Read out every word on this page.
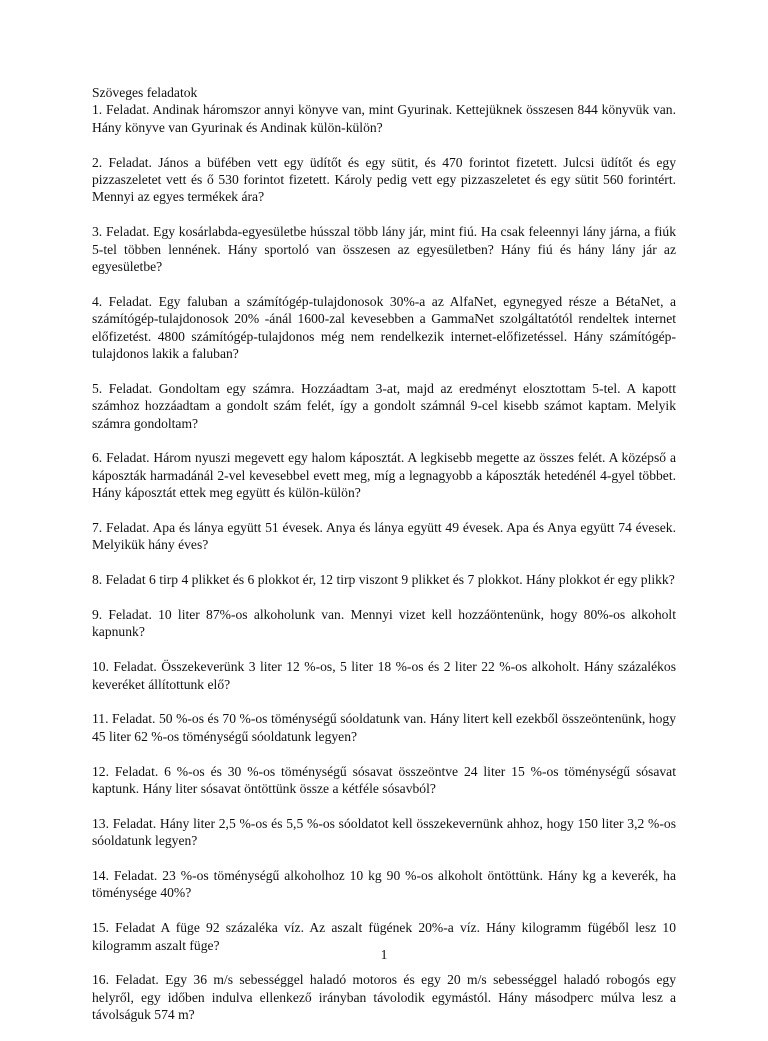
Szöveges feladatok

1. Feladat. Andinak háromszor annyi könyve van, mint Gyurinak. Kettejüknek összesen 844 könyvük van. Hány könyve van Gyurinak és Andinak külön-külön?

2. Feladat. János a büfében vett egy üdítőt és egy sütit, és 470 forintot fizetett. Julcsi üdítőt és egy pizzaszeletet vett és ő 530 forintot fizetett. Károly pedig vett egy pizzaszeletet és egy sütit 560 forintért. Mennyi az egyes termékek ára?

3. Feladat. Egy kosárlabda-egyesületbe hússzal több lány jár, mint fiú. Ha csak feleennyi lány járna, a fiúk 5-tel többen lennének. Hány sportoló van összesen az egyesületben? Hány fiú és hány lány jár az egyesületbe?

4. Feladat. Egy faluban a számítógép-tulajdonosok 30%-a az AlfaNet, egynegyed része a BétaNet, a számítógép-tulajdonosok 20% -ánál 1600-zal kevesebben a GammaNet szolgáltatótól rendeltek internet előfizetést. 4800 számítógép-tulajdonos még nem rendelkezik internet-előfizetéssel. Hány számítógép-tulajdonos lakik a faluban?

5. Feladat. Gondoltam egy számra. Hozzáadtam 3-at, majd az eredményt elosztottam 5-tel. A kapott számhoz hozzáadtam a gondolt szám felét, így a gondolt számnál 9-cel kisebb számot kaptam. Melyik számra gondoltam?

6. Feladat. Három nyuszi megevett egy halom káposztát. A legkisebb megette az összes felét. A középső a káposzták harmadánál 2-vel kevesebbel evett meg, míg a legnagyobb a káposzták hetedénél 4-gyel többet. Hány káposztát ettek meg együtt és külön-külön?

7. Feladat. Apa és lánya együtt 51 évesek. Anya és lánya együtt 49 évesek. Apa és Anya együtt 74 évesek. Melyikük hány éves?

8. Feladat 6 tirp 4 plikket és 6 plokkot ér, 12 tirp viszont 9 plikket és 7 plokkot. Hány plokkot ér egy plikk?

9. Feladat. 10 liter 87%-os alkoholunk van. Mennyi vizet kell hozzáöntenünk, hogy 80%-os alkoholt kapnunk?

10. Feladat. Összekeverünk 3 liter 12 %-os, 5 liter 18 %-os és 2 liter 22 %-os alkoholt. Hány százalékos keveréket állítottunk elő?

11. Feladat. 50 %-os és 70 %-os töménységű sóoldatunk van. Hány litert kell ezekből összeöntenünk, hogy 45 liter 62 %-os töménységű sóoldatunk legyen?

12. Feladat. 6 %-os és 30 %-os töménységű sósavat összeöntve 24 liter 15 %-os töménységű sósavat kaptunk. Hány liter sósavat öntöttünk össze a kétféle sósavból?

13. Feladat. Hány liter 2,5 %-os és 5,5 %-os sóoldatot kell összekevernünk ahhoz, hogy 150 liter 3,2 %-os sóoldatunk legyen?

14. Feladat. 23 %-os töménységű alkoholhoz 10 kg 90 %-os alkoholt öntöttünk. Hány kg a keverék, ha töménysége 40%?

15. Feladat A füge 92 százaléka víz. Az aszalt fügének 20%-a víz. Hány kilogramm fügéből lesz 10 kilogramm aszalt füge?

16. Feladat. Egy 36 m/s sebességgel haladó motoros és egy 20 m/s sebességgel haladó robogós egy helyről, egy időben indulva ellenkező irányban távolodik egymástól. Hány másodperc múlva lesz a távolságuk 574 m?

1
